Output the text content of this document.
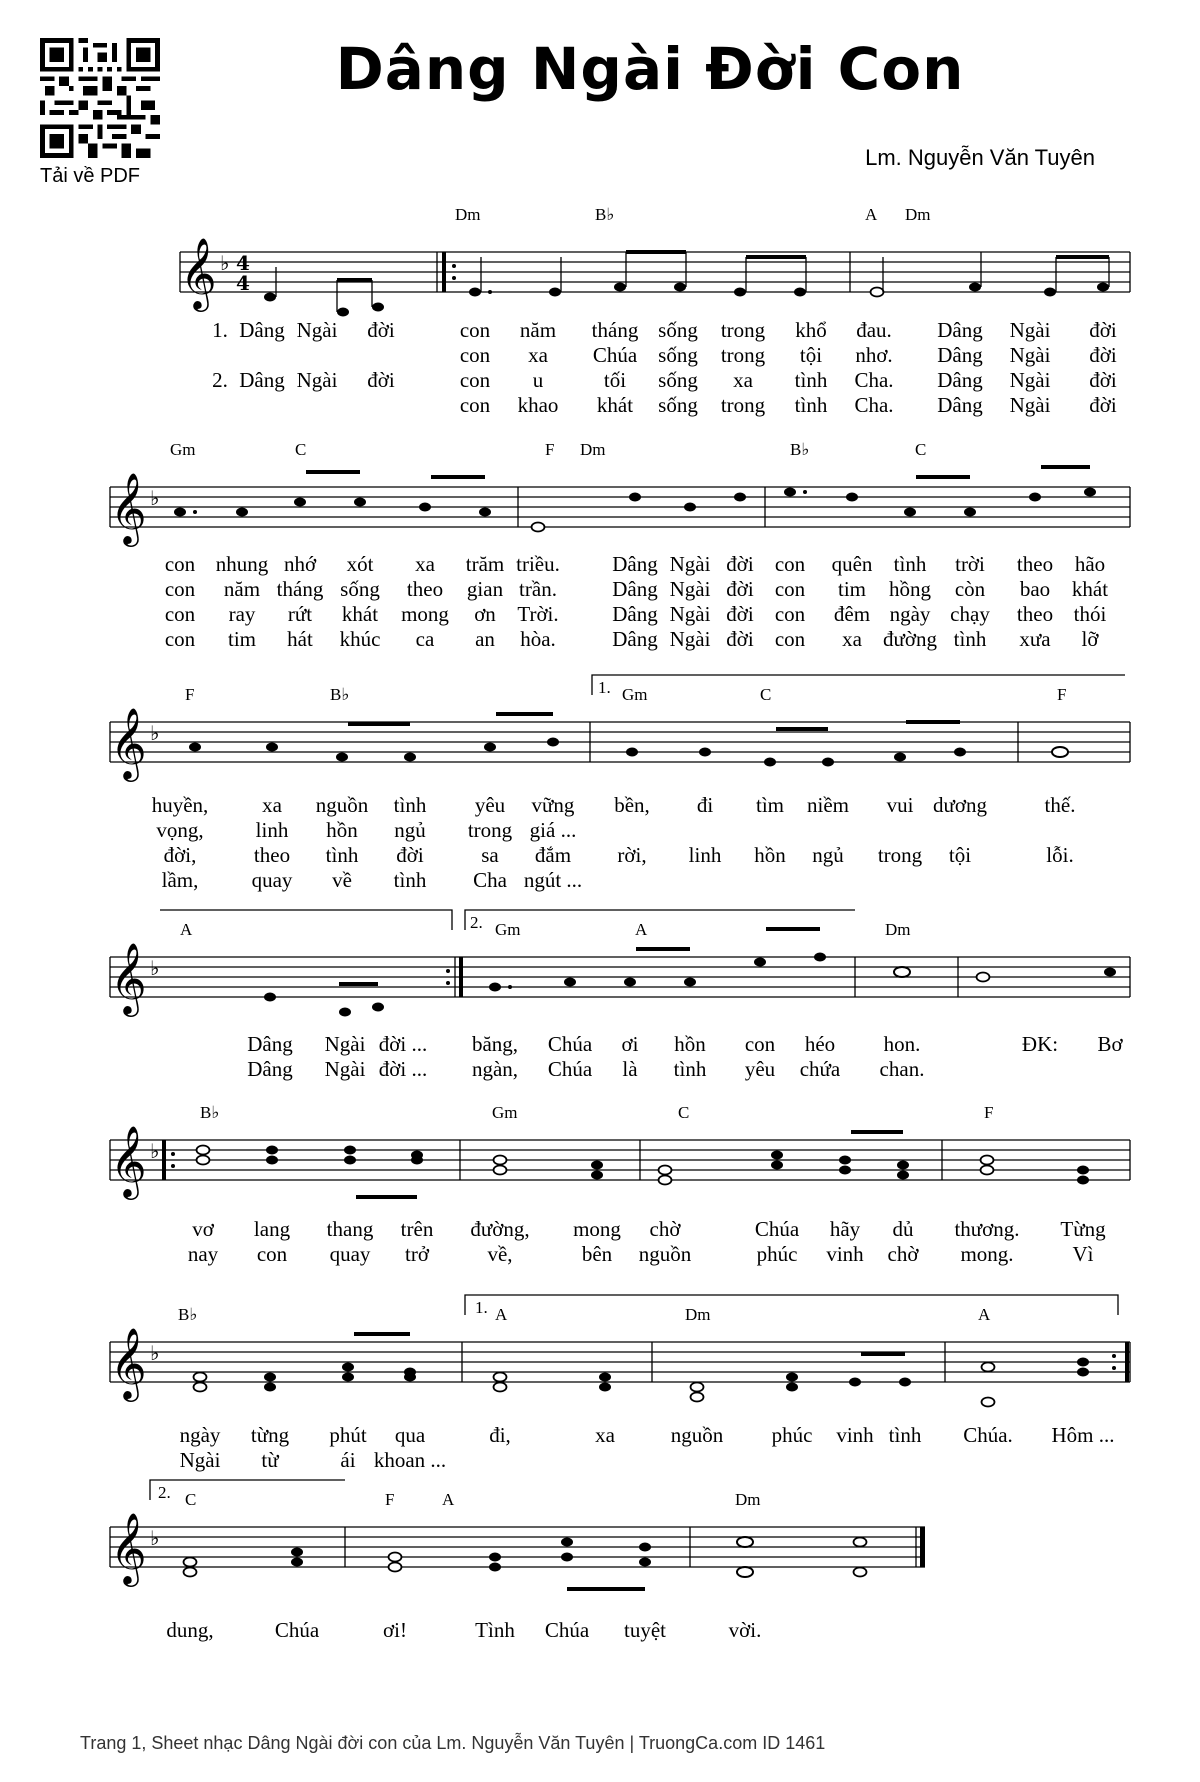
Tải về PDF
Dâng Ngài Đời Con
Lm. Nguyễn Văn Tuyên
𝄞 ♭ 4
4
Dm	B♭	A Dm
𝄞 ♭
Gm	C	F Dm	B♭	C
𝄞 ♭
1.
F	B♭	Gm	C	F
𝄞 ♭
A	2. Gm	A	Dm
𝄞 ♭
B♭	Gm	C	F
𝄞 ♭
B♭	1. A	Dm	A
𝄞 ♭
2. C	F	A	Dm
1. Dâng Ngài đời	con năm tháng sống trong khổ đau. Dâng Ngài đời
con xa Chúa sống trong tội nhơ. Dâng Ngài đời
2. Dâng Ngài đời	con u	tối sống xa tình Cha. Dâng Ngài đời
con khao khát sống trong tình Cha. Dâng Ngài đời
con nhung nhớ xót xa trăm triều. Dâng Ngài đời con quên tình trời theo hão
con năm tháng sống theo gian trần.	Dâng Ngài đời con tim hồng còn bao khát
con ray rứt khát mong ơn Trời.	Dâng Ngài đời con đêm ngày chạy theo thói
con tim hát khúc ca an hòa.	Dâng Ngài đời con xa đường tình xưa lỡ
huyền,	xa nguồn tình yêu vững bền, đi tìm niềm vui dương	thế.
vọng, linh hồn ngủ trong giá ...
đời,	theo tình đời	sa đắm rời, linh hồn ngủ trong tội	lỗi.
lầm,	quay về tình Cha ngút ...
Dâng Ngài đời ... băng, Chúa ơi hồn con héo hon.	ĐK: Bơ
Dâng Ngài đời ... ngàn, Chúa là tình yêu chứa chan.
vơ lang thang trên đường, mong chờ	Chúa hãy dủ thương. Từng
nay con quay trở	về,	bên nguồn	phúc vinh chờ mong.	Vì
ngày từng phút qua	đi,	xa	nguồn phúc vinh tình Chúa. Hôm ...
Ngài từ	ái khoan ...
dung,	Chúa	ơi!	Tình Chúa tuyệt	vời.
Trang 1, Sheet nhạc Dâng Ngài đời con của Lm. Nguyễn Văn Tuyên | TruongCa.com ID 1461
